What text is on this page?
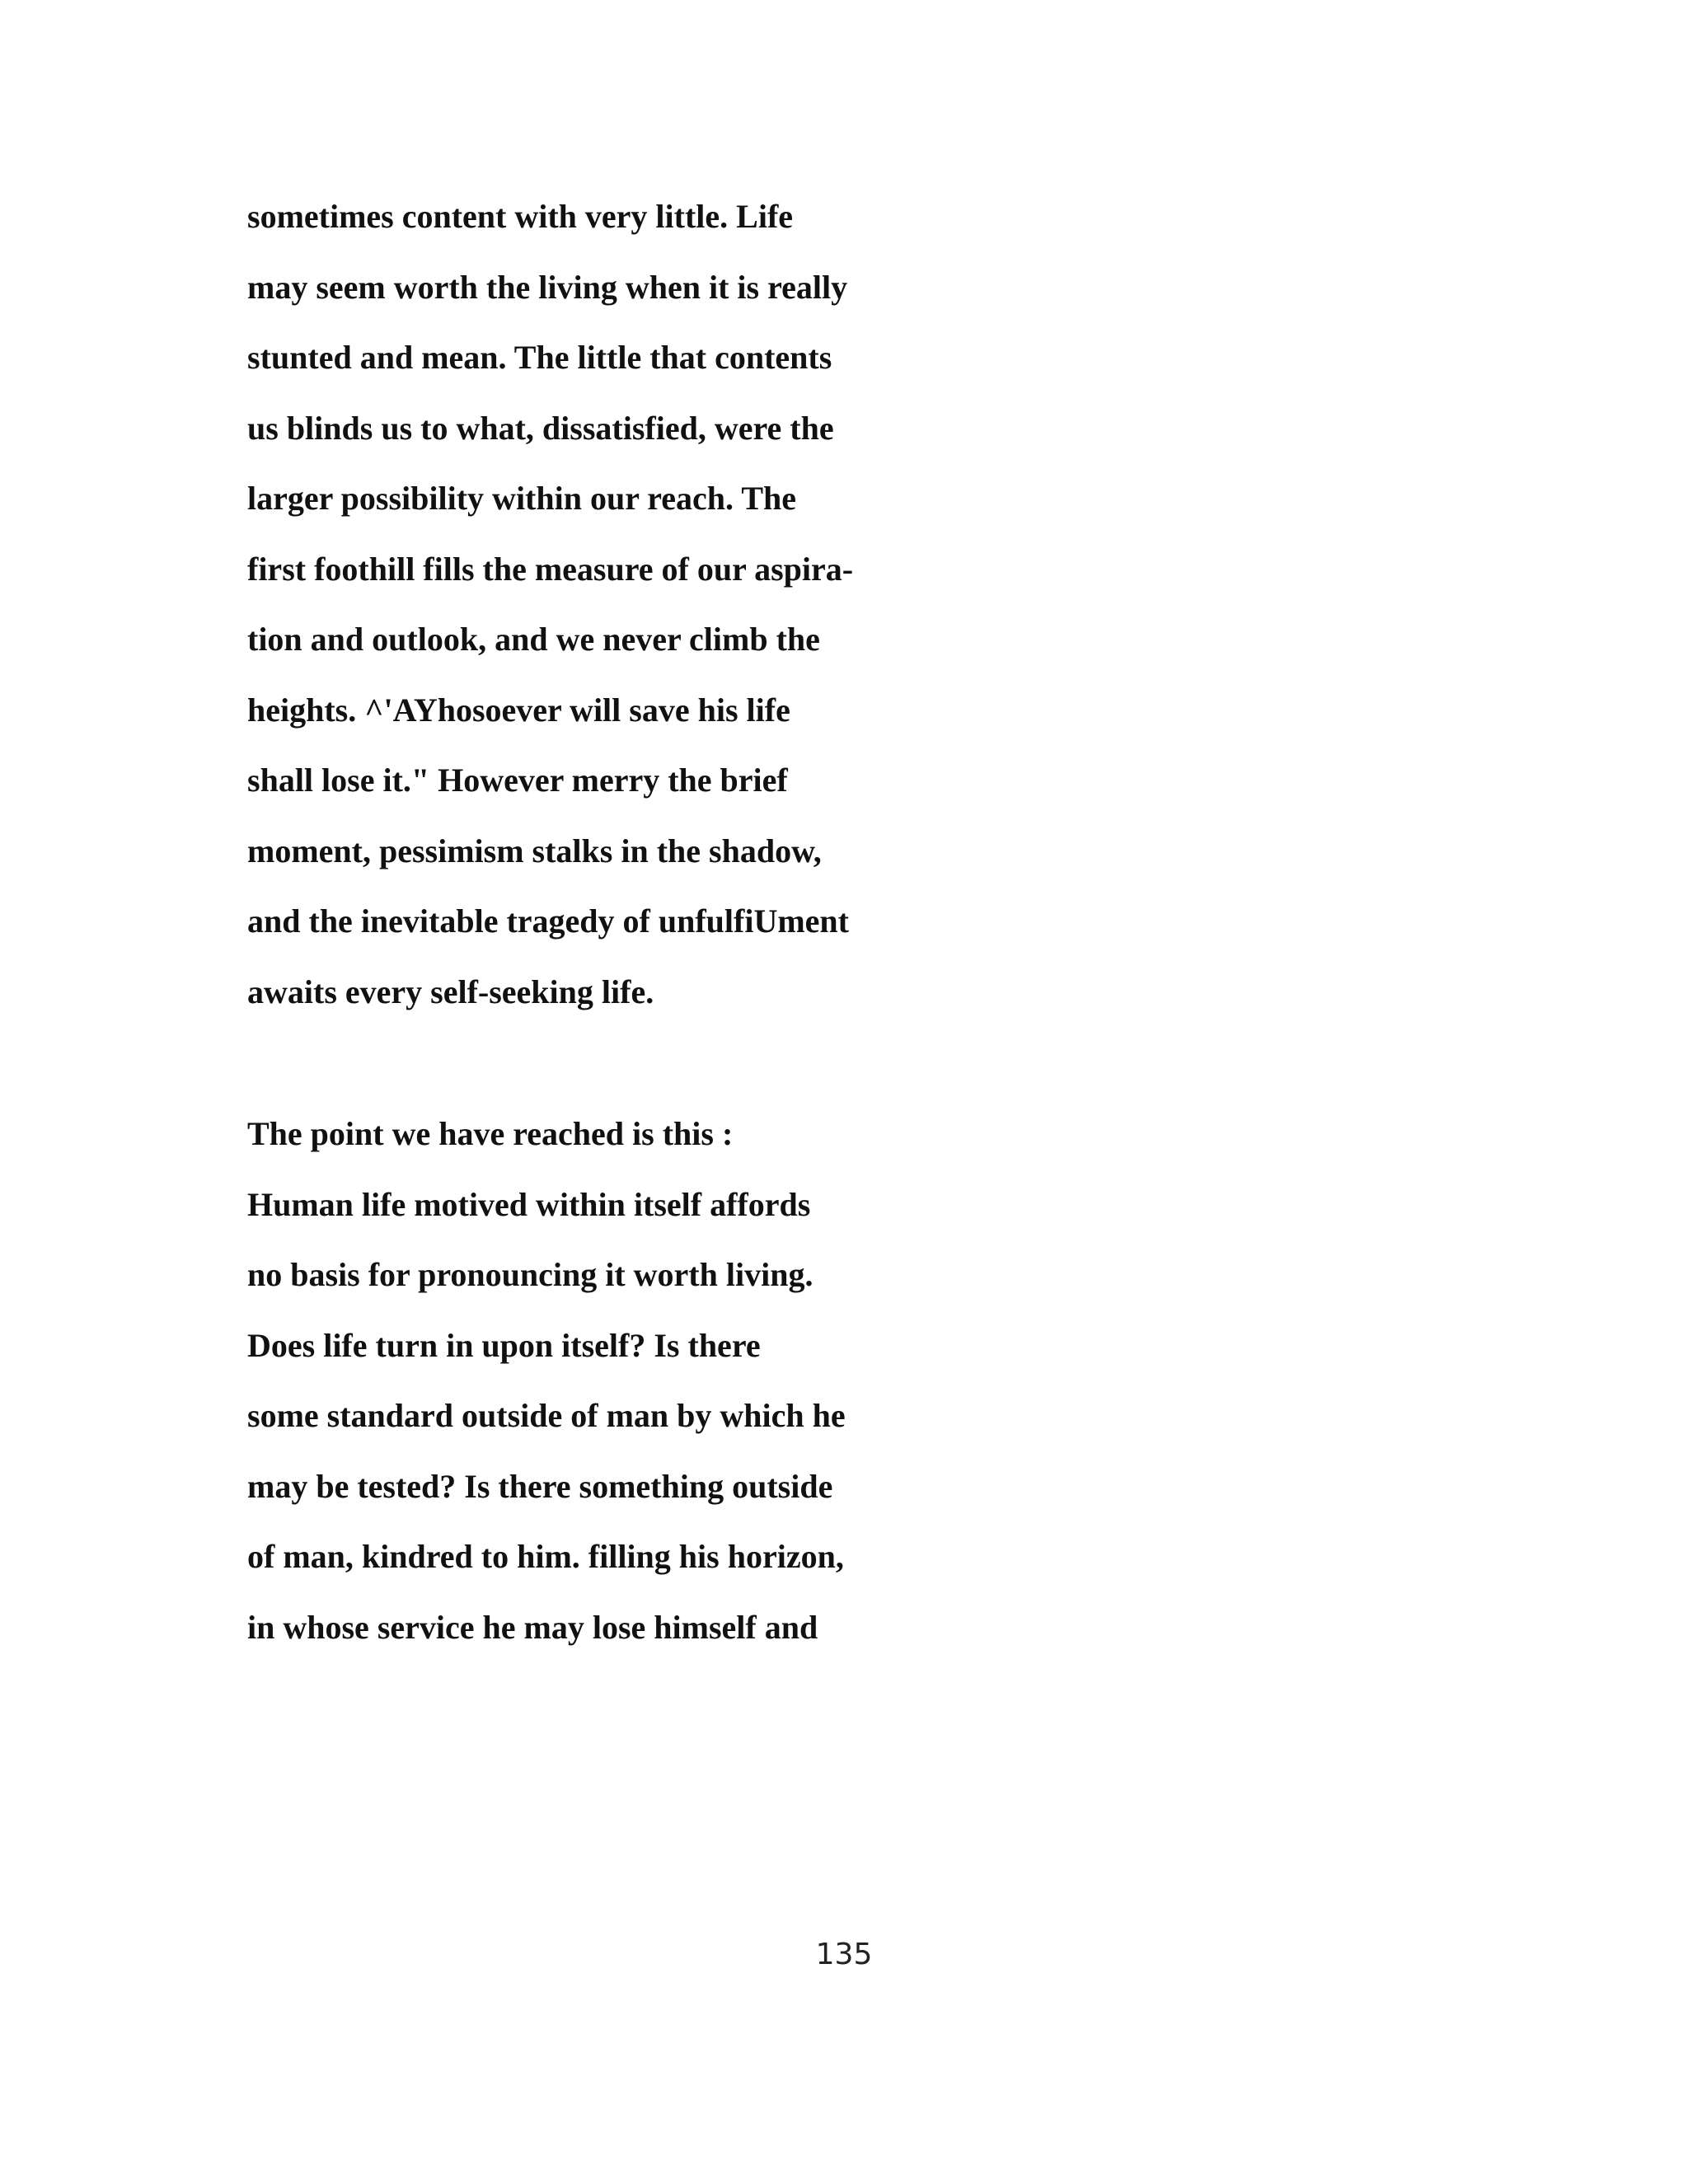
sometimes content with very little. Life
may seem worth the living when it is really
stunted and mean. The little that contents
us blinds us to what, dissatisfied, were the
larger possibility within our reach. The
first foothill fills the measure of our aspira-
tion and outlook, and we never climb the
heights. ^'AYhosoever will save his life
shall lose it." However merry the brief
moment, pessimism stalks in the shadow,
and the inevitable tragedy of unfulfiUment
awaits every self-seeking life.
The point we have reached is this :
Human life motived within itself affords
no basis for pronouncing it worth living.
Does life turn in upon itself? Is there
some standard outside of man by which he
may be tested? Is there something outside
of man, kindred to him. filling his horizon,
in whose service he may lose himself and
135
